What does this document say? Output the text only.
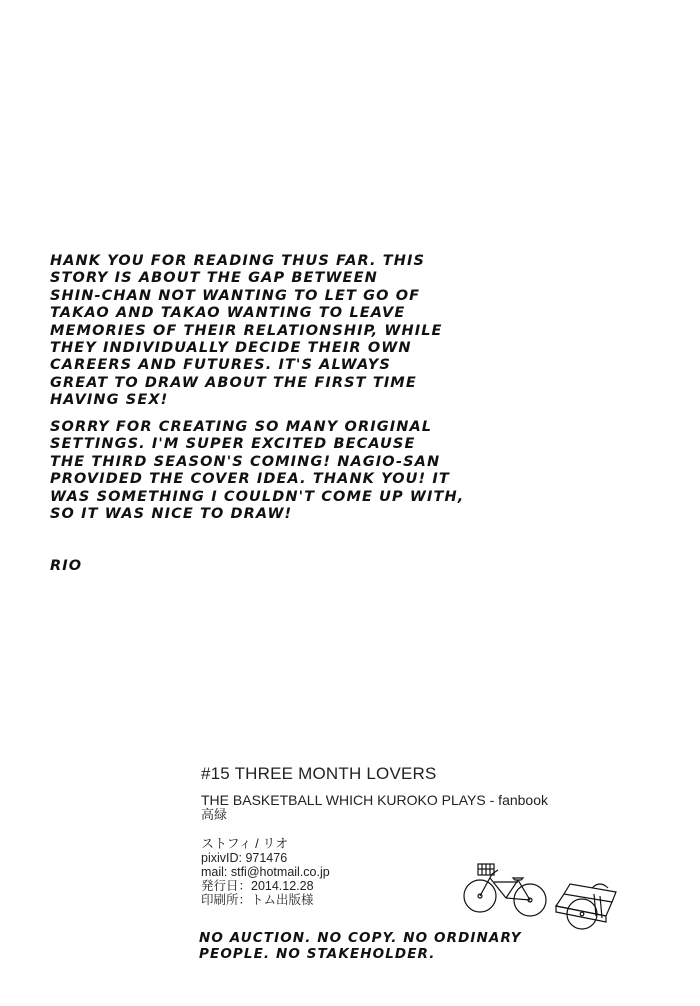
HANK YOU FOR READING THUS FAR. THIS
STORY IS ABOUT THE GAP BETWEEN
SHIN-CHAN NOT WANTING TO LET GO OF
TAKAO AND TAKAO WANTING TO LEAVE
MEMORIES OF THEIR RELATIONSHIP, WHILE
THEY INDIVIDUALLY DECIDE THEIR OWN
CAREERS AND FUTURES. IT'S ALWAYS
GREAT TO DRAW ABOUT THE FIRST TIME
HAVING SEX!
SORRY FOR CREATING SO MANY ORIGINAL
SETTINGS. I'M SUPER EXCITED BECAUSE
THE THIRD SEASON'S COMING! NAGIO-SAN
PROVIDED THE COVER IDEA. THANK YOU! IT
WAS SOMETHING I COULDN'T COME UP WITH,
SO IT WAS NICE TO DRAW!
RIO
#15 THREE MONTH LOVERS
THE BASKETBALL WHICH KUROKO PLAYS - fanbook
高緑
ストフィ / リオ
pixivID: 971476
mail: stfi@hotmail.co.jp
発行日：2014.12.28
印刷所：トム出版様
NO AUCTION. NO COPY. NO ORDINARY
PEOPLE. NO STAKEHOLDER.
